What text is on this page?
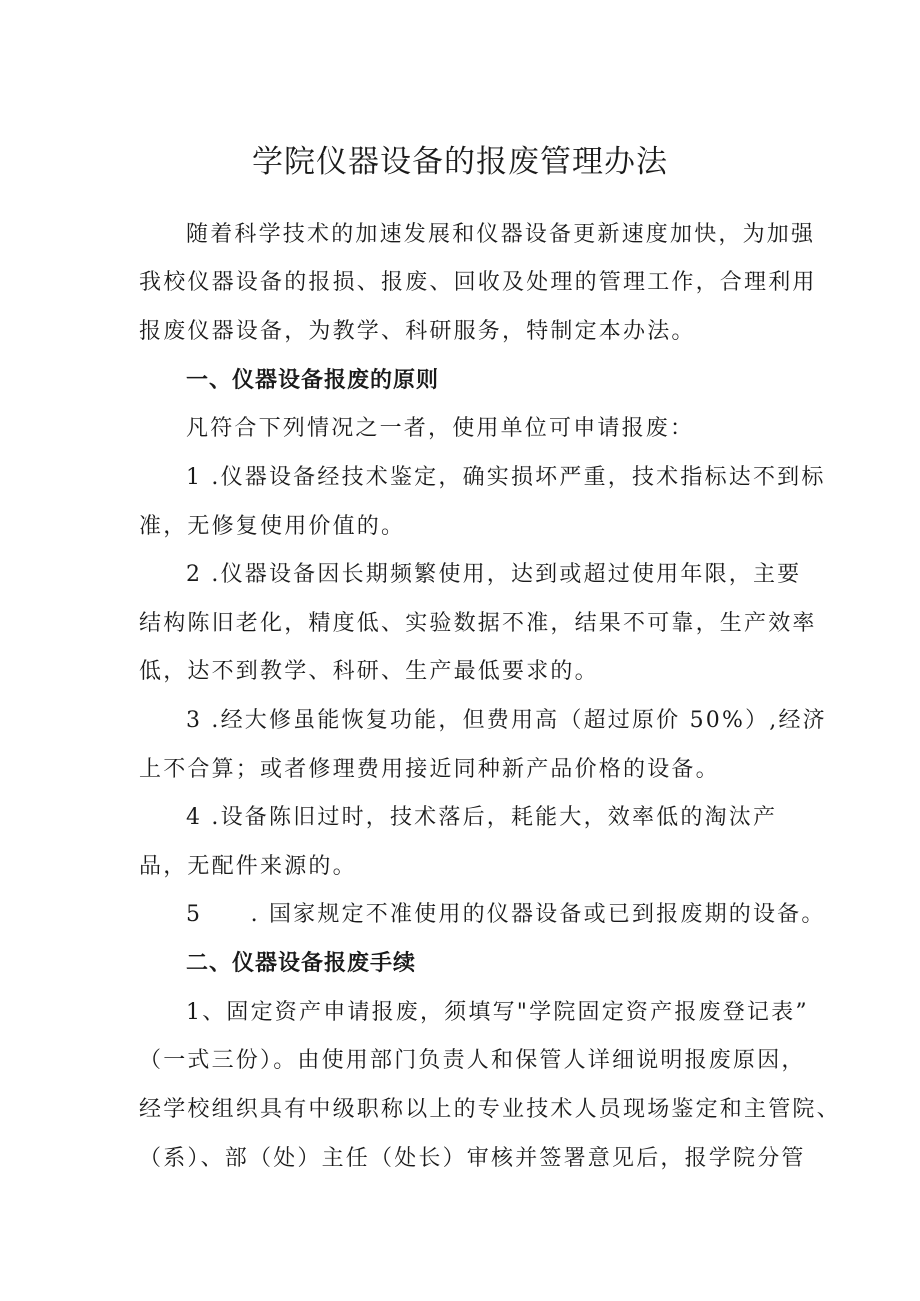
学院仪器设备的报废管理办法
随着科学技术的加速发展和仪器设备更新速度加快，为加强
我校仪器设备的报损、报废、回收及处理的管理工作，合理利用
报废仪器设备，为教学、科研服务，特制定本办法。
一、仪器设备报废的原则
凡符合下列情况之一者，使用单位可申请报废：
1 .仪器设备经技术鉴定，确实损坏严重，技术指标达不到标
准，无修复使用价值的。
2 .仪器设备因长期频繁使用，达到或超过使用年限，主要
结构陈旧老化，精度低、实验数据不准，结果不可靠，生产效率
低，达不到教学、科研、生产最低要求的。
3 .经大修虽能恢复功能，但费用高（超过原价 50%）,经济
上不合算；或者修理费用接近同种新产品价格的设备。
4 .设备陈旧过时，技术落后，耗能大，效率低的淘汰产
品，无配件来源的。
5　　. 国家规定不准使用的仪器设备或已到报废期的设备。
二、仪器设备报废手续
1、固定资产申请报废，须填写"学院固定资产报废登记表”
（一式三份）。由使用部门负责人和保管人详细说明报废原因，
经学校组织具有中级职称以上的专业技术人员现场鉴定和主管院、
（系）、部（处）主任（处长）审核并签署意见后，报学院分管
